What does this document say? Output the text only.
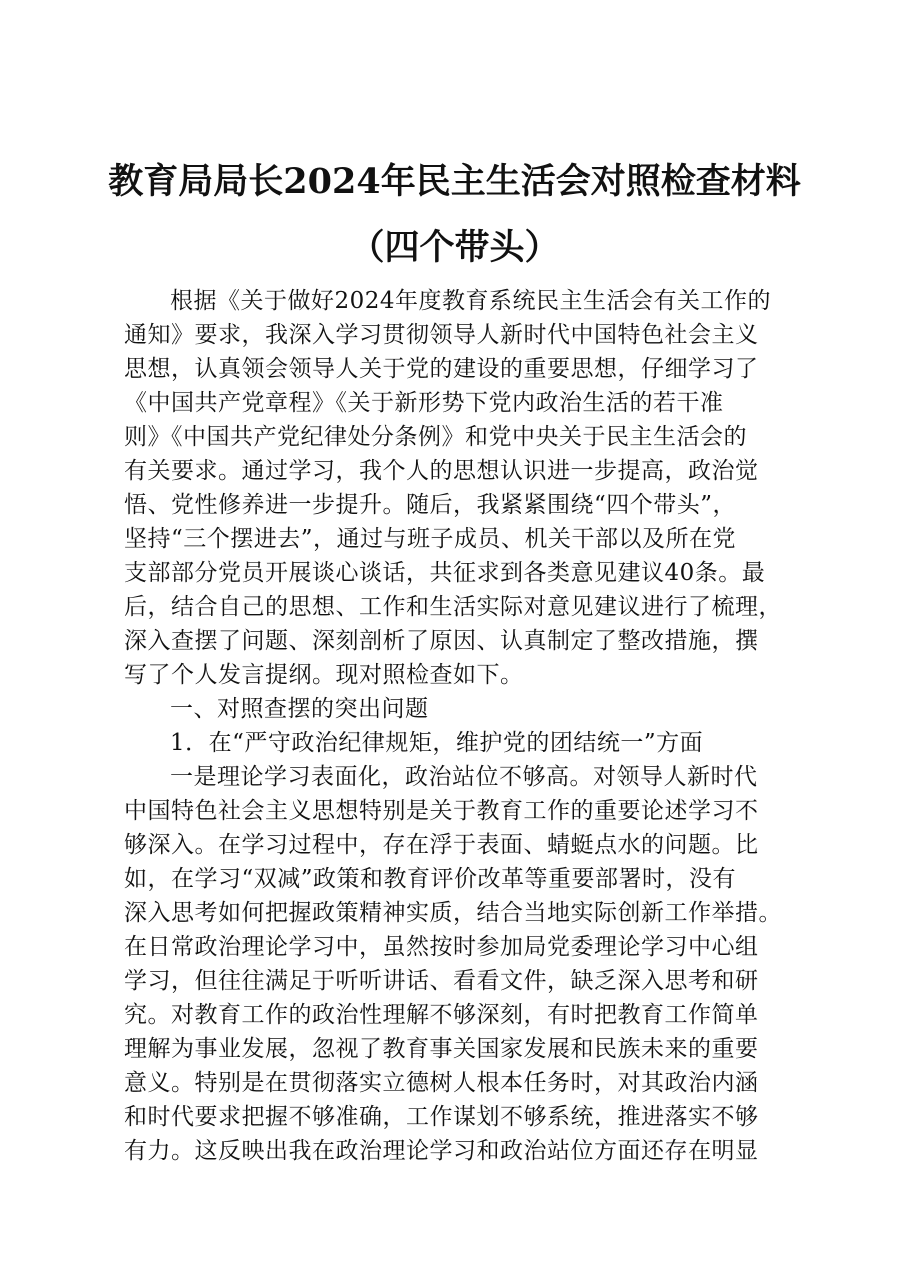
教育局局长2024年民主生活会对照检查材料
（四个带头）
根据《关于做好2024年度教育系统民主生活会有关工作的
通知》要求，我深入学习贯彻领导人新时代中国特色社会主义
思想，认真领会领导人关于党的建设的重要思想，仔细学习了
《中国共产党章程》《关于新形势下党内政治生活的若干准
则》《中国共产党纪律处分条例》和党中央关于民主生活会的
有关要求。通过学习，我个人的思想认识进一步提高，政治觉
悟、党性修养进一步提升。随后，我紧紧围绕“四个带头”，
坚持“三个摆进去”，通过与班子成员、机关干部以及所在党
支部部分党员开展谈心谈话，共征求到各类意见建议40条。最
后，结合自己的思想、工作和生活实际对意见建议进行了梳理，
深入查摆了问题、深刻剖析了原因、认真制定了整改措施，撰
写了个人发言提纲。现对照检查如下。
一、对照查摆的突出问题
1．在“严守政治纪律规矩，维护党的团结统一”方面
一是理论学习表面化，政治站位不够高。对领导人新时代
中国特色社会主义思想特别是关于教育工作的重要论述学习不
够深入。在学习过程中，存在浮于表面、蜻蜓点水的问题。比
如，在学习“双减”政策和教育评价改革等重要部署时，没有
深入思考如何把握政策精神实质，结合当地实际创新工作举措。
在日常政治理论学习中，虽然按时参加局党委理论学习中心组
学习，但往往满足于听听讲话、看看文件，缺乏深入思考和研
究。对教育工作的政治性理解不够深刻，有时把教育工作简单
理解为事业发展，忽视了教育事关国家发展和民族未来的重要
意义。特别是在贯彻落实立德树人根本任务时，对其政治内涵
和时代要求把握不够准确，工作谋划不够系统，推进落实不够
有力。这反映出我在政治理论学习和政治站位方面还存在明显
